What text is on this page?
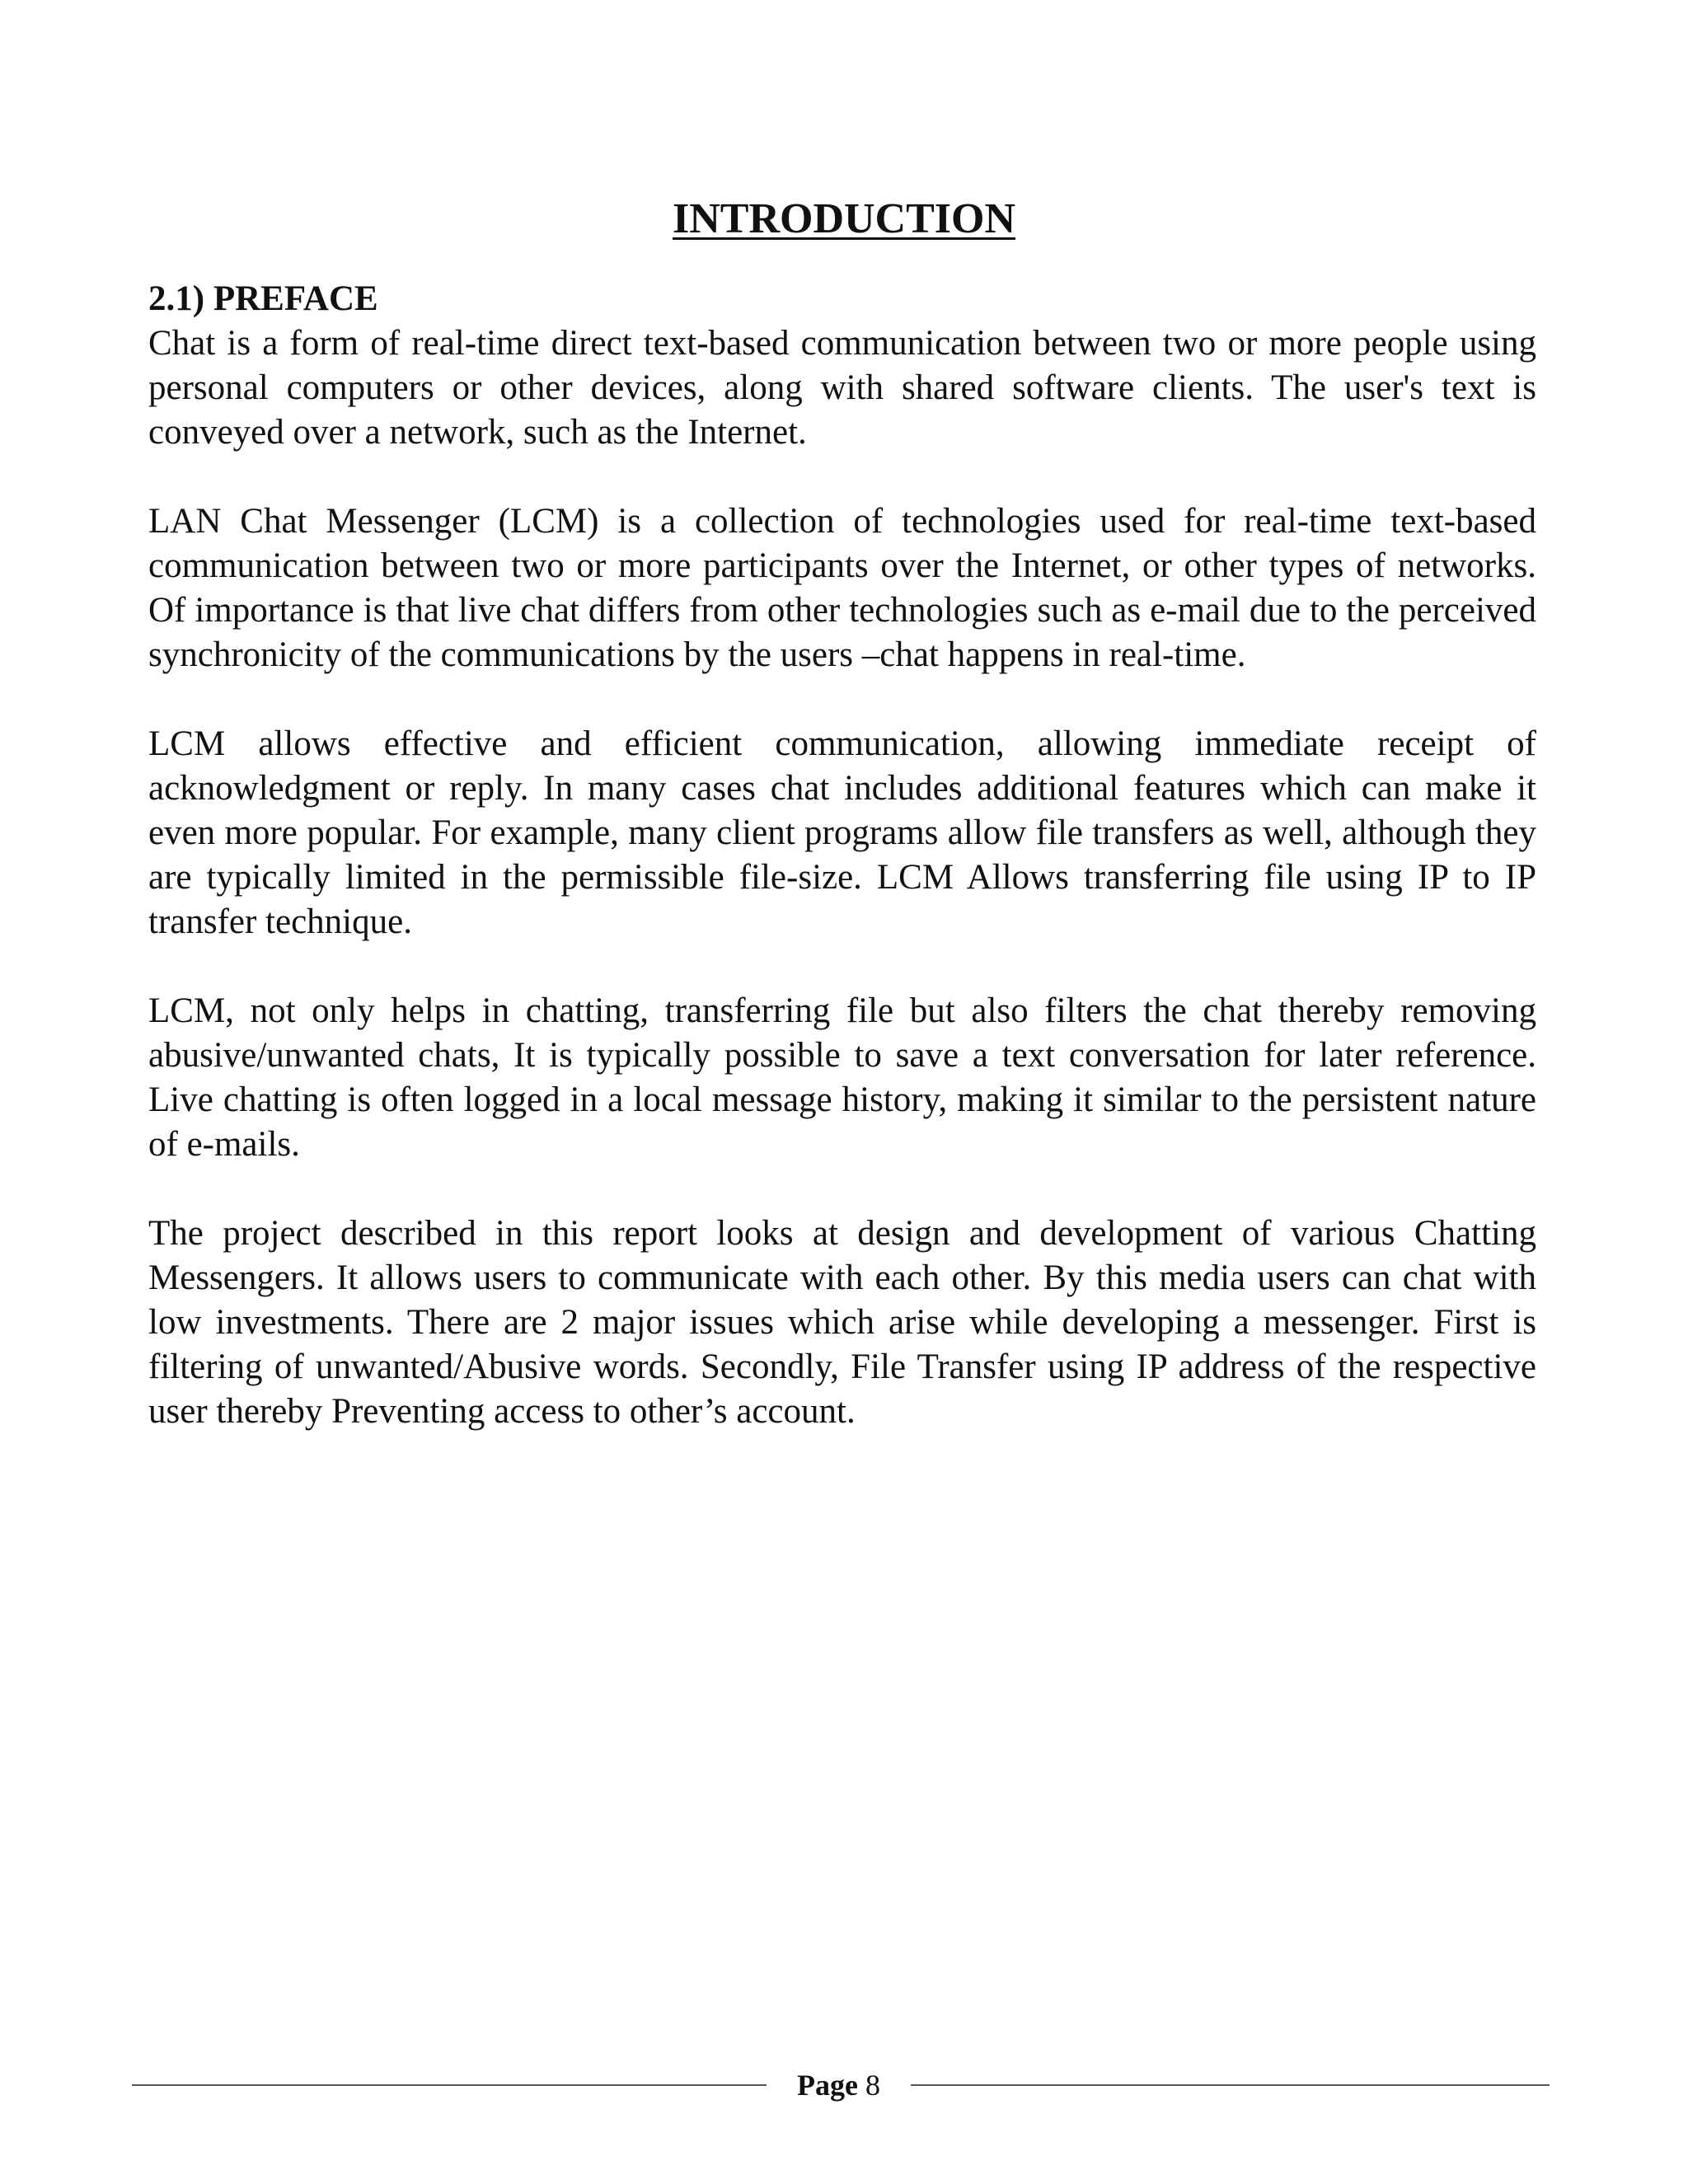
INTRODUCTION

2.1) PREFACE

Chat is a form of real-time direct text-based communication between two or more people using personal computers or other devices, along with shared software clients. The user's text is conveyed over a network, such as the Internet.

LAN Chat Messenger (LCM) is a collection of technologies used for real-time text-based communication between two or more participants over the Internet, or other types of networks. Of importance is that live chat differs from other technologies such as e-mail due to the perceived synchronicity of the communications by the users –chat happens in real-time.

LCM allows effective and efficient communication, allowing immediate receipt of acknowledgment or reply. In many cases chat includes additional features which can make it even more popular. For example, many client programs allow file transfers as well, although they are typically limited in the permissible file-size. LCM Allows transferring file using IP to IP transfer technique.

LCM, not only helps in chatting, transferring file but also filters the chat thereby removing abusive/unwanted chats, It is typically possible to save a text conversation for later reference. Live chatting is often logged in a local message history, making it similar to the persistent nature of e-mails.

The project described in this report looks at design and development of various Chatting Messengers. It allows users to communicate with each other. By this media users can chat with low investments. There are 2 major issues which arise while developing a messenger. First is filtering of unwanted/Abusive words. Secondly, File Transfer using IP address of the respective user thereby Preventing access to other’s account.

Page 8
